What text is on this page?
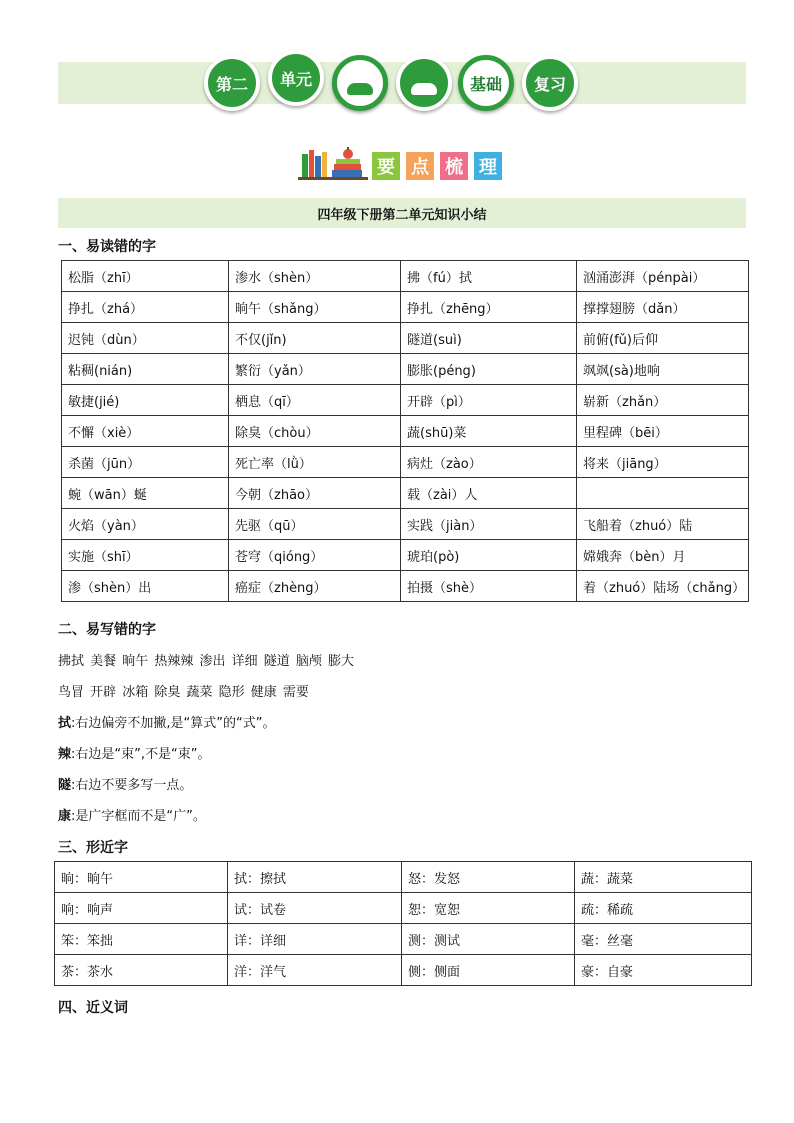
第二 单元	基础 复习
要 点 梳 理
四年级下册第二单元知识小结
一、易读错的字
松脂（zhī）	渗水（shèn）	拂（fú）拭	汹涌澎湃（pénpài）
挣扎（zhá）	晌午（shǎng）	挣扎（zhēng）	撑撑翅膀（dǎn）
迟钝（dùn）	不仅(jǐn)	隧道(suì)	前俯(fǔ)后仰
粘稠(nián)	繁衍（yǎn）	膨胀(péng)	飒飒(sà)地响
敏捷(jié)	栖息（qī）	开辟（pì）	崭新（zhǎn）
不懈（xiè）	除臭（chòu）	蔬(shū)菜	里程碑（bēi）
杀菌（jūn）	死亡率（lǜ）	病灶（zào）	将来（jiāng）
蜿（wān）蜒	今朝（zhāo）	载（zài）人	
火焰（yàn）	先驱（qū）	实践（jiàn）	飞船着（zhuó）陆
实施（shī）	苍穹（qióng）	琥珀(pò)	嫦娥奔（bèn）月
渗（shèn）出	癌症（zhèng）	拍摄（shè）	着（zhuó）陆场（chǎng）
二、易写错的字
拂拭 美餐 晌午 热辣辣 渗出 详细 隧道 脑颅 膨大
鸟冒 开辟 冰箱 除臭 蔬菜 隐形 健康 需要
拭:右边偏旁不加撇,是“算式”的“式”。
辣:右边是“束”,不是“束”。
隧:右边不要多写一点。
康:是广字框而不是“广”。
三、形近字
晌：晌午	拭：擦拭	怒：发怒	蔬：蔬菜
响：响声	试：试卷	恕：宽恕	疏：稀疏
笨：笨拙	详：详细	测：测试	毫：丝毫
茶：茶水	洋：洋气	侧：侧面	豪：自豪
四、近义词
